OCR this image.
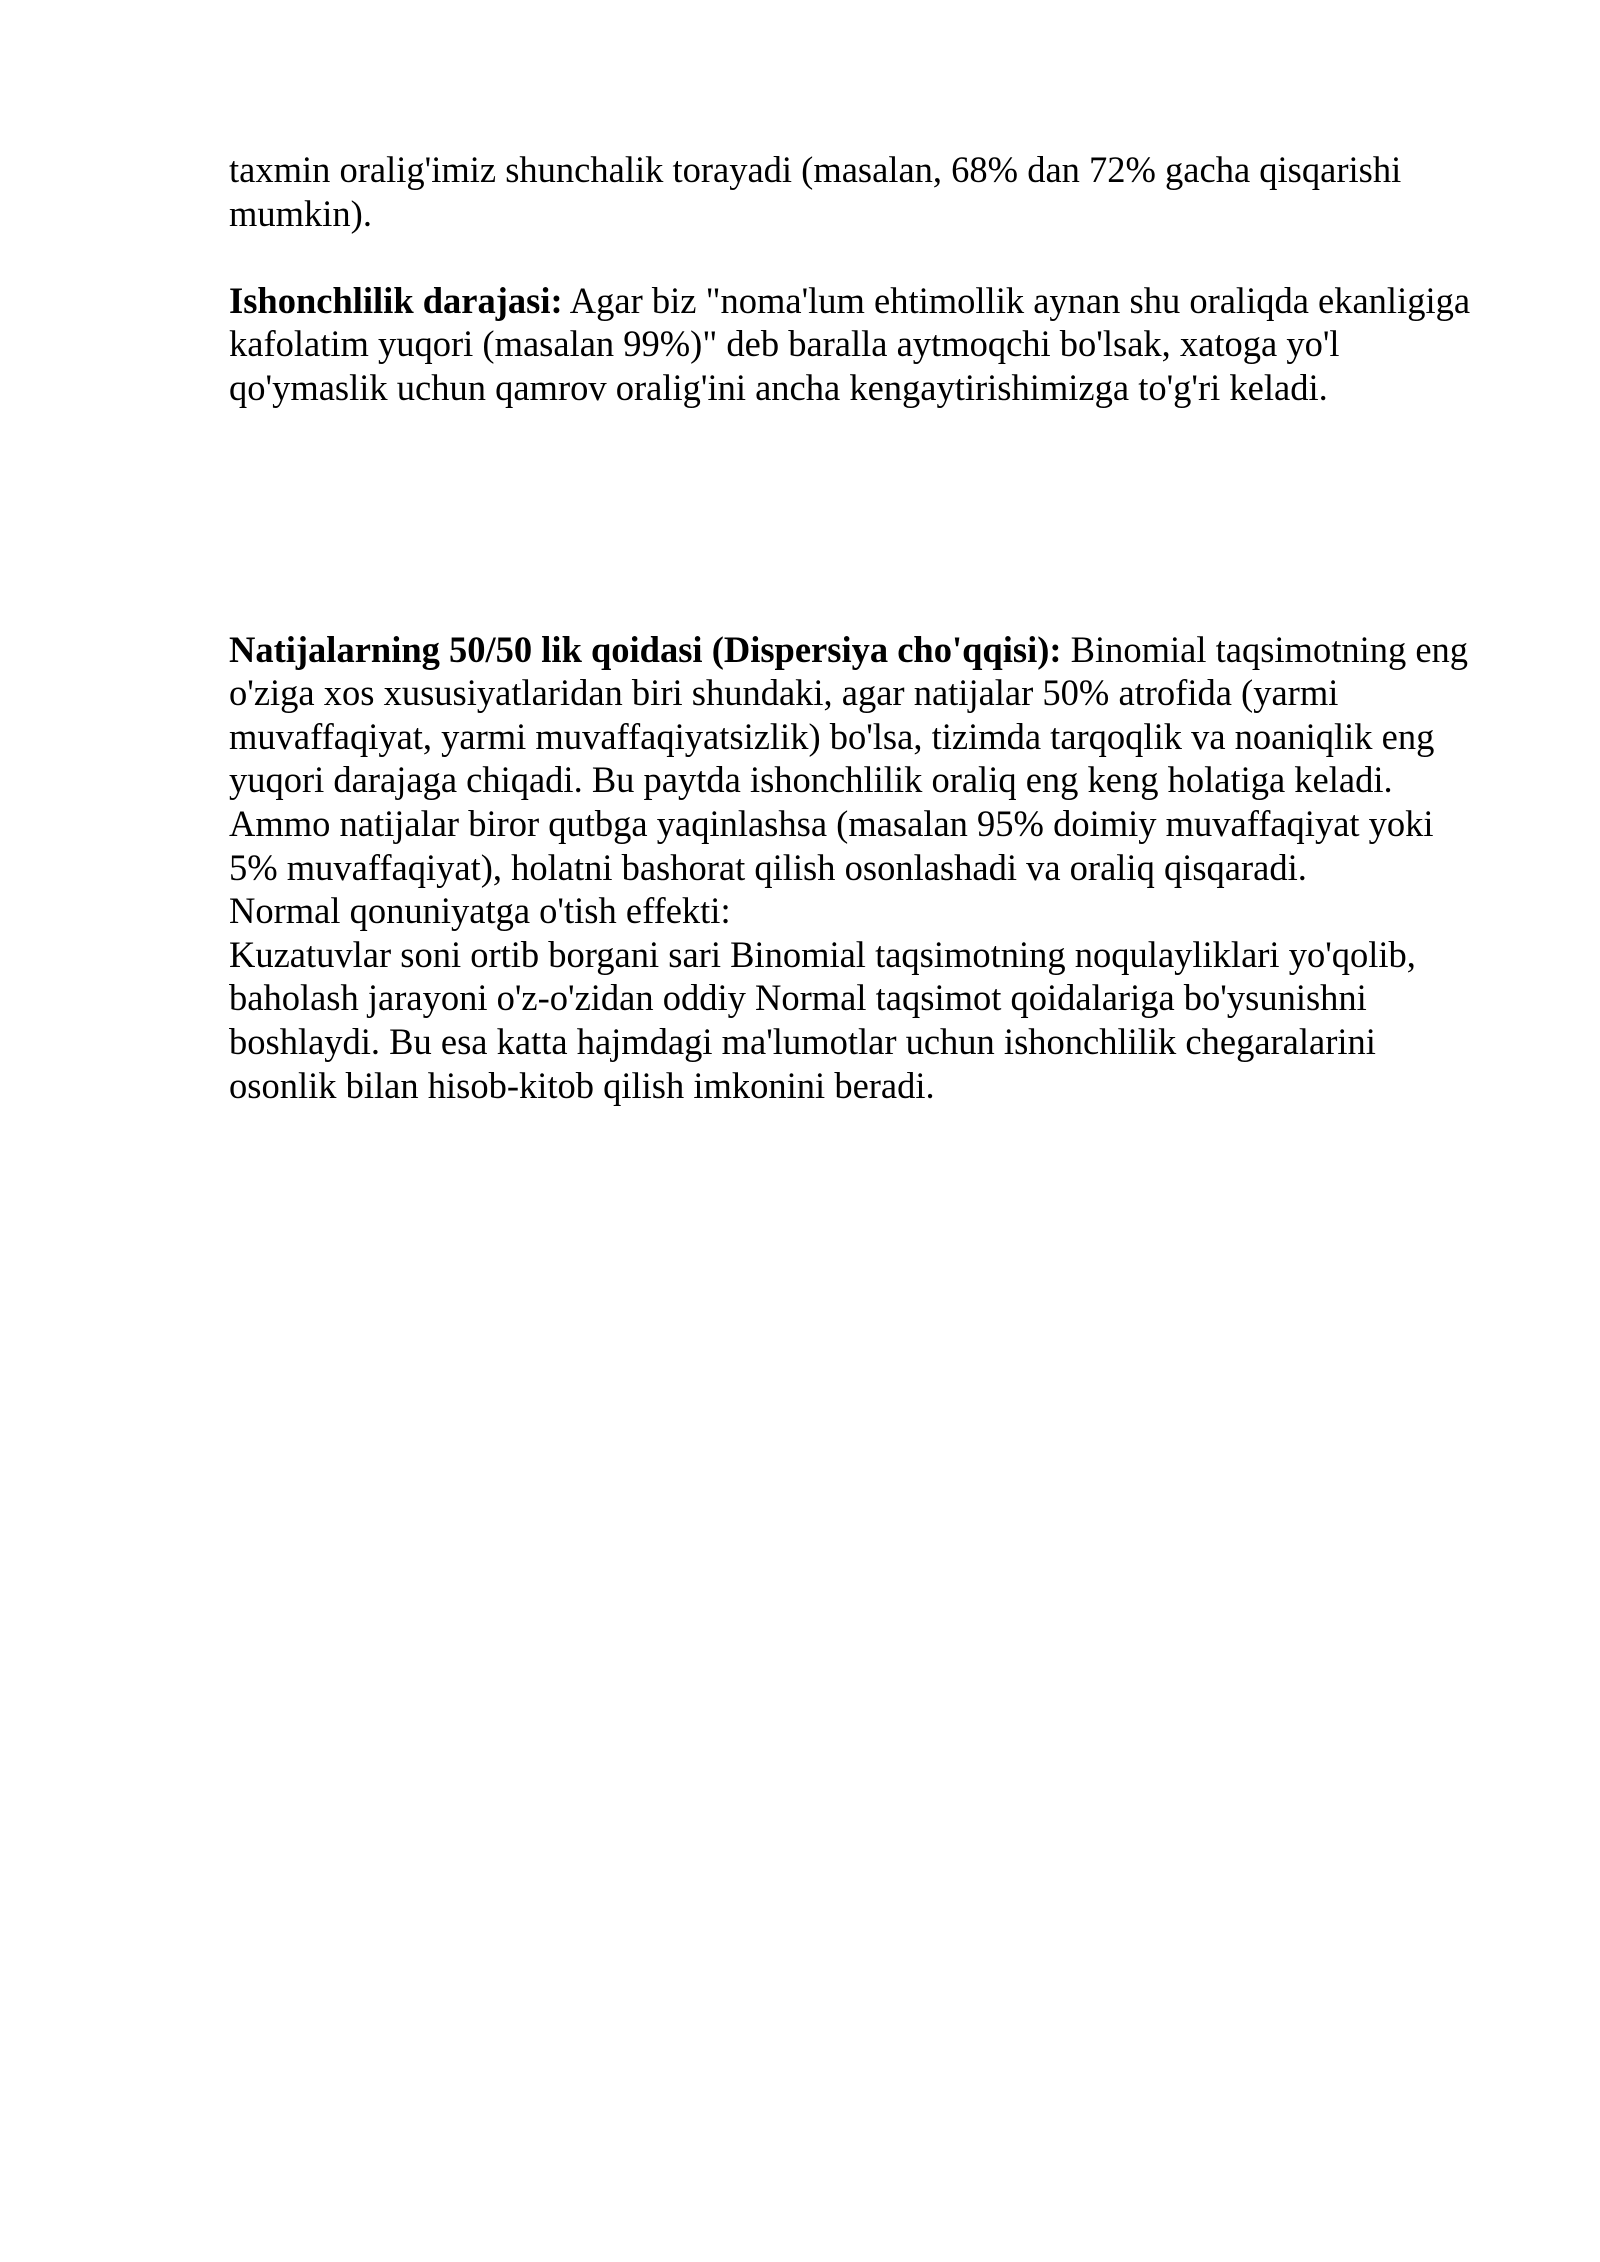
taxmin oralig'imiz shunchalik torayadi (masalan, 68% dan 72% gacha qisqarishi mumkin).

Ishonchlilik darajasi: Agar biz "noma'lum ehtimollik aynan shu oraliqda ekanligiga kafolatim yuqori (masalan 99%)" deb baralla aytmoqchi bo'lsak, xatoga yo'l qo'ymaslik uchun qamrov oralig'ini ancha kengaytirishimizga to'g'ri keladi.

Natijalarning 50/50 lik qoidasi (Dispersiya cho'qqisi): Binomial taqsimotning eng o'ziga xos xususiyatlaridan biri shundaki, agar natijalar 50% atrofida (yarmi muvaffaqiyat, yarmi muvaffaqiyatsizlik) bo'lsa, tizimda tarqoqlik va noaniqlik eng yuqori darajaga chiqadi. Bu paytda ishonchlilik oraliq eng keng holatiga keladi. Ammo natijalar biror qutbga yaqinlashsa (masalan 95% doimiy muvaffaqiyat yoki 5% muvaffaqiyat), holatni bashorat qilish osonlashadi va oraliq qisqaradi.

Normal qonuniyatga o'tish effekti:

Kuzatuvlar soni ortib borgani sari Binomial taqsimotning noqulayliklari yo'qolib, baholash jarayoni o'z-o'zidan oddiy Normal taqsimot qoidalariga bo'ysunishni boshlaydi. Bu esa katta hajmdagi ma'lumotlar uchun ishonchlilik chegaralarini osonlik bilan hisob-kitob qilish imkonini beradi.
